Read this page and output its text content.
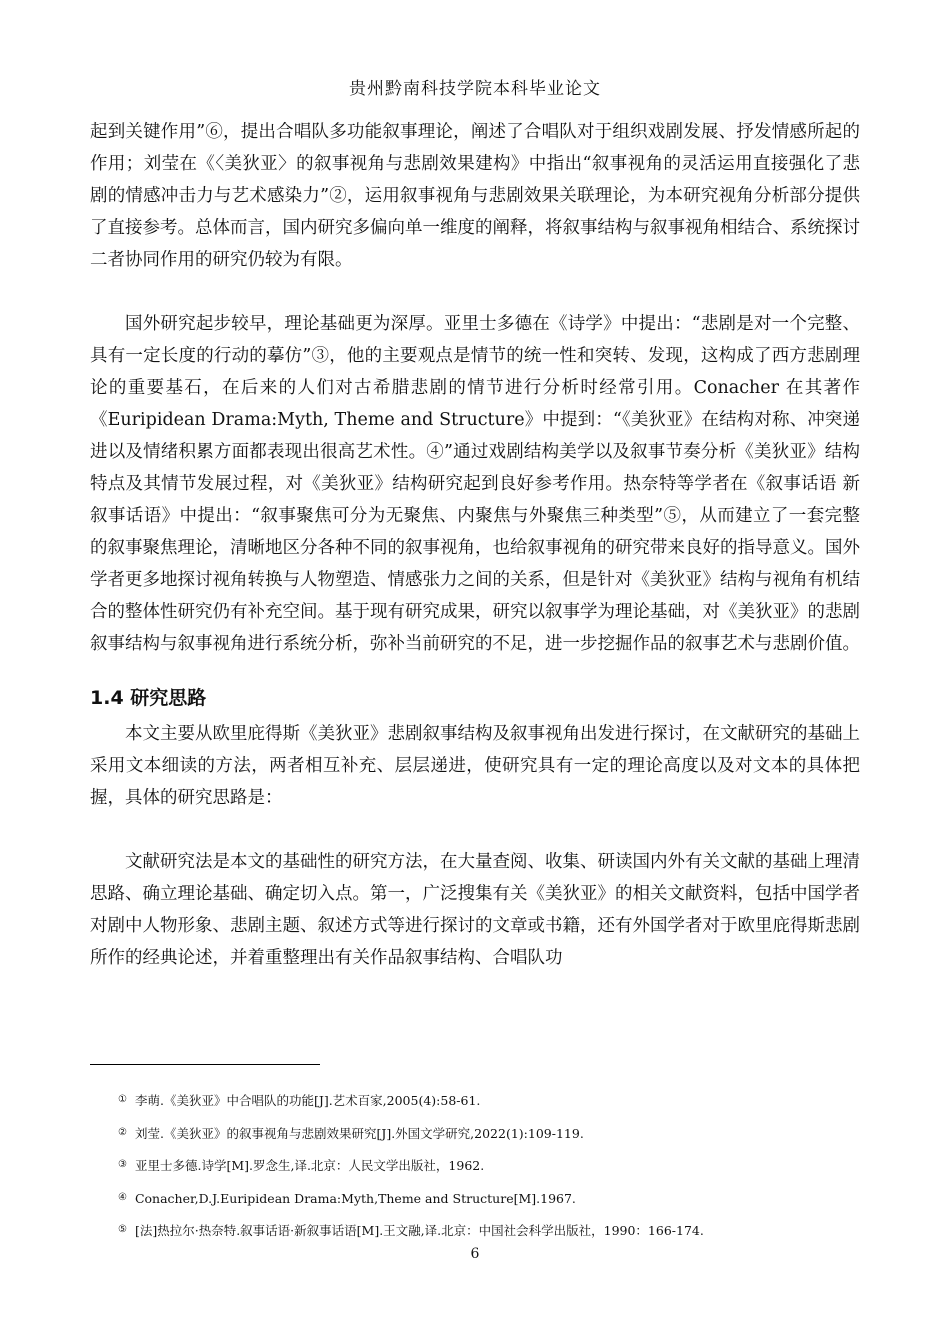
贵州黔南科技学院本科毕业论文

起到关键作用”⑥，提出合唱队多功能叙事理论，阐述了合唱队对于组织戏剧发展、抒发情感所起的作用；刘莹在《〈美狄亚〉的叙事视角与悲剧效果建构》中指出“叙事视角的灵活运用直接强化了悲剧的情感冲击力与艺术感染力”②，运用叙事视角与悲剧效果关联理论，为本研究视角分析部分提供了直接参考。总体而言，国内研究多偏向单一维度的阐释，将叙事结构与叙事视角相结合、系统探讨二者协同作用的研究仍较为有限。

国外研究起步较早，理论基础更为深厚。亚里士多德在《诗学》中提出：“悲剧是对一个完整、具有一定长度的行动的摹仿”③，他的主要观点是情节的统一性和突转、发现，这构成了西方悲剧理论的重要基石，在后来的人们对古希腊悲剧的情节进行分析时经常引用。Conacher 在其著作《Euripidean Drama:Myth, Theme and Structure》中提到：“《美狄亚》在结构对称、冲突递进以及情绪积累方面都表现出很高艺术性。④”通过戏剧结构美学以及叙事节奏分析《美狄亚》结构特点及其情节发展过程，对《美狄亚》结构研究起到良好参考作用。热奈特等学者在《叙事话语 新叙事话语》中提出：“叙事聚焦可分为无聚焦、内聚焦与外聚焦三种类型”⑤，从而建立了一套完整的叙事聚焦理论，清晰地区分各种不同的叙事视角，也给叙事视角的研究带来良好的指导意义。国外学者更多地探讨视角转换与人物塑造、情感张力之间的关系，但是针对《美狄亚》结构与视角有机结合的整体性研究仍有补充空间。基于现有研究成果，研究以叙事学为理论基础，对《美狄亚》的悲剧叙事结构与叙事视角进行系统分析，弥补当前研究的不足，进一步挖掘作品的叙事艺术与悲剧价值。

1.4 研究思路

本文主要从欧里庇得斯《美狄亚》悲剧叙事结构及叙事视角出发进行探讨，在文献研究的基础上采用文本细读的方法，两者相互补充、层层递进，使研究具有一定的理论高度以及对文本的具体把握，具体的研究思路是：

文献研究法是本文的基础性的研究方法，在大量查阅、收集、研读国内外有关文献的基础上理清思路、确立理论基础、确定切入点。第一，广泛搜集有关《美狄亚》的相关文献资料，包括中国学者对剧中人物形象、悲剧主题、叙述方式等进行探讨的文章或书籍，还有外国学者对于欧里庇得斯悲剧所作的经典论述，并着重整理出有关作品叙事结构、合唱队功

① 李萌.《美狄亚》中合唱队的功能[J].艺术百家,2005(4):58-61.
② 刘莹.《美狄亚》的叙事视角与悲剧效果研究[J].外国文学研究,2022(1):109-119.
③ 亚里士多德.诗学[M].罗念生,译.北京：人民文学出版社，1962.
④ Conacher,D.J.Euripidean Drama:Myth,Theme and Structure[M].1967.
⑤ [法]热拉尔·热奈特.叙事话语·新叙事话语[M].王文融,译.北京：中国社会科学出版社，1990：166-174.
6
